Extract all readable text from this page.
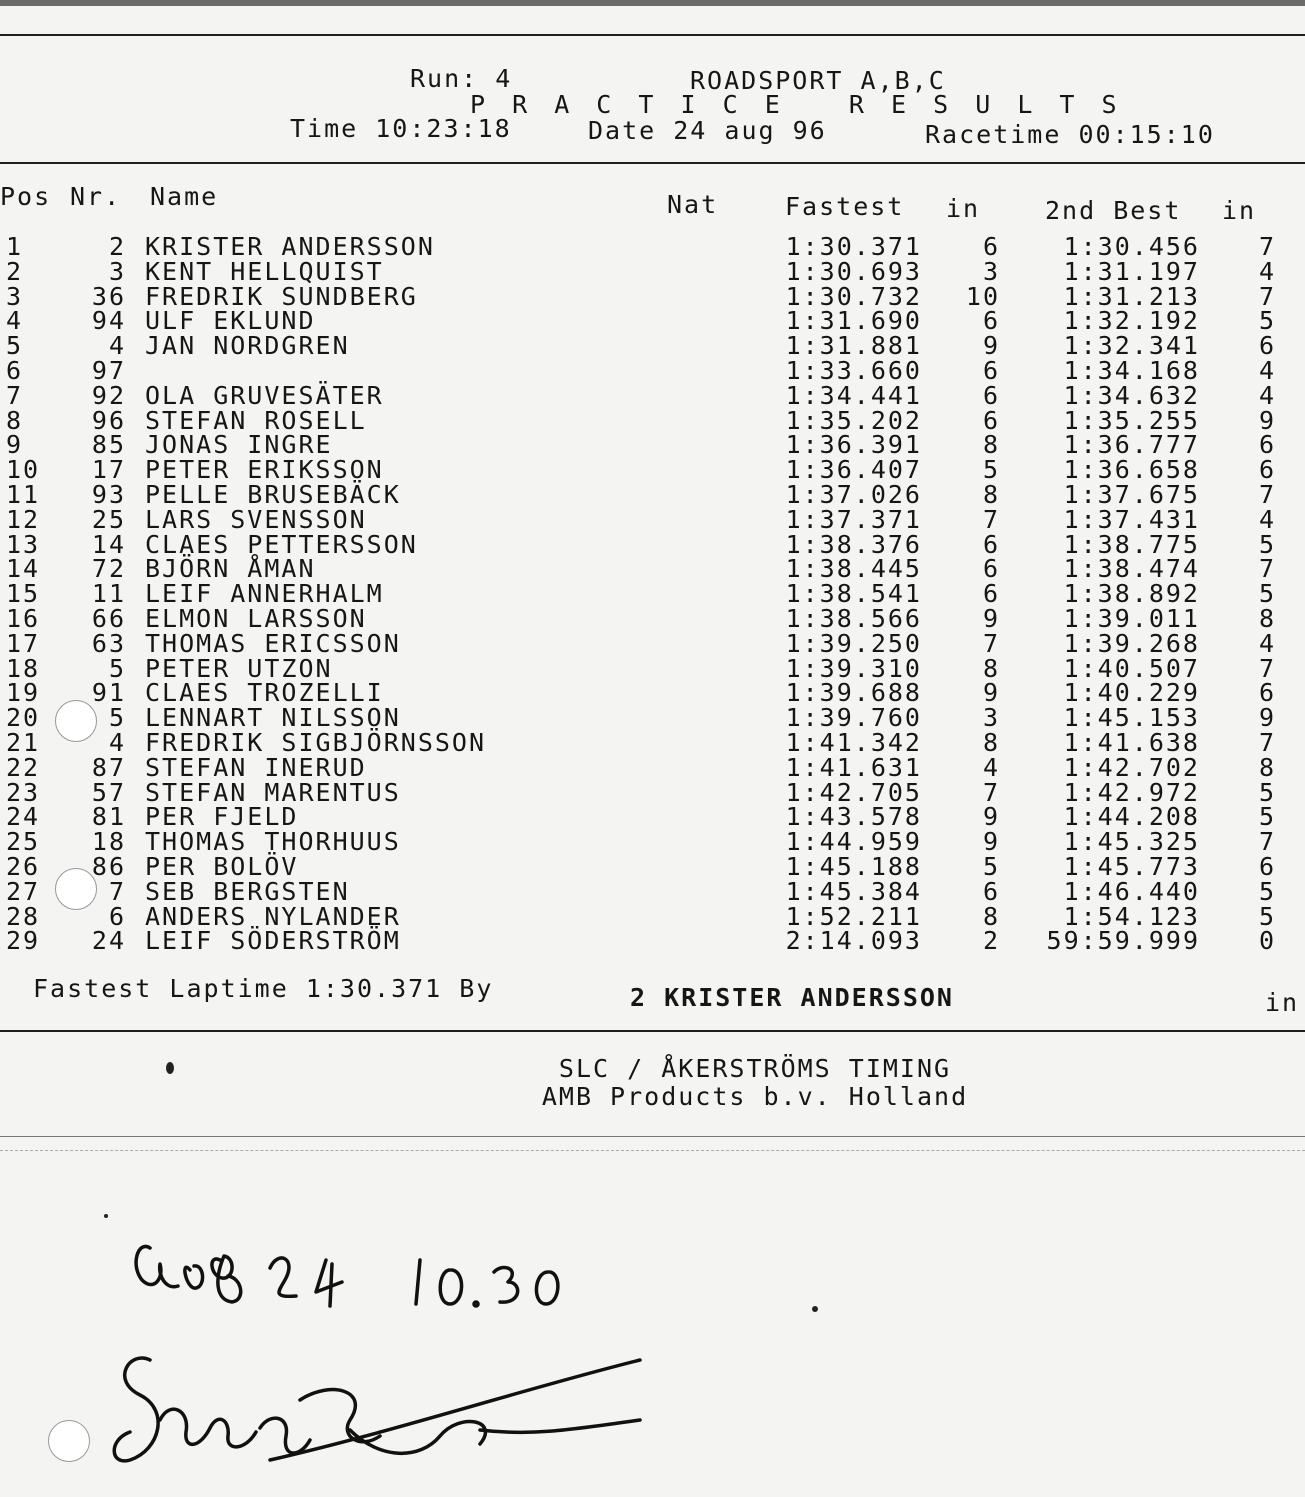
Run: 4	ROADSPORT A,B,C
P R A C T I C E   R E S U L T S
Time 10:23:18	Date 24 aug 96	Racetime 00:15:10
Pos Nr. Name	Nat	Fastest in	2nd Best in
1	2 KRISTER ANDERSSON	1:30.371	6	1:30.456	7
2	3 KENT HELLQUIST	1:30.693	3	1:31.197	4
3	36 FREDRIK SUNDBERG	1:30.732	10	1:31.213	7
4	94 ULF EKLUND	1:31.690	6	1:32.192	5
5	4 JAN NORDGREN	1:31.881	9	1:32.341	6
6	97	1:33.660	6	1:34.168	4
7	92 OLA GRUVESÄTER	1:34.441	6	1:34.632	4
8	96 STEFAN ROSELL	1:35.202	6	1:35.255	9
9	85 JONAS INGRE	1:36.391	8	1:36.777	6
10	17 PETER ERIKSSON	1:36.407	5	1:36.658	6
11	93 PELLE BRUSEBÄCK	1:37.026	8	1:37.675	7
12	25 LARS SVENSSON	1:37.371	7	1:37.431	4
13	14 CLAES PETTERSSON	1:38.376	6	1:38.775	5
14	72 BJÖRN ÅMAN	1:38.445	6	1:38.474	7
15	11 LEIF ANNERHALM	1:38.541	6	1:38.892	5
16	66 ELMON LARSSON	1:38.566	9	1:39.011	8
17	63 THOMAS ERICSSON	1:39.250	7	1:39.268	4
18	5 PETER UTZON	1:39.310	8	1:40.507	7
19	91 CLAES TROZELLI	1:39.688	9	1:40.229	6
20	5 LENNART NILSSON	1:39.760	3	1:45.153	9
21	4 FREDRIK SIGBJÖRNSSON	1:41.342	8	1:41.638	7
22	87 STEFAN INERUD	1:41.631	4	1:42.702	8
23	57 STEFAN MARENTUS	1:42.705	7	1:42.972	5
24	81 PER FJELD	1:43.578	9	1:44.208	5
25	18 THOMAS THORHUUS	1:44.959	9	1:45.325	7
26	86 PER BOLÖV	1:45.188	5	1:45.773	6
27	7 SEB BERGSTEN	1:45.384	6	1:46.440	5
28	6 ANDERS NYLANDER	1:52.211	8	1:54.123	5
29	24 LEIF SÖDERSTRÖM	2:14.093	2	59:59.999	0
Fastest Laptime 1:30.371 By	2 KRISTER ANDERSSON	in
SLC / ÅKERSTRÖMS TIMING
AMB Products b.v. Holland
